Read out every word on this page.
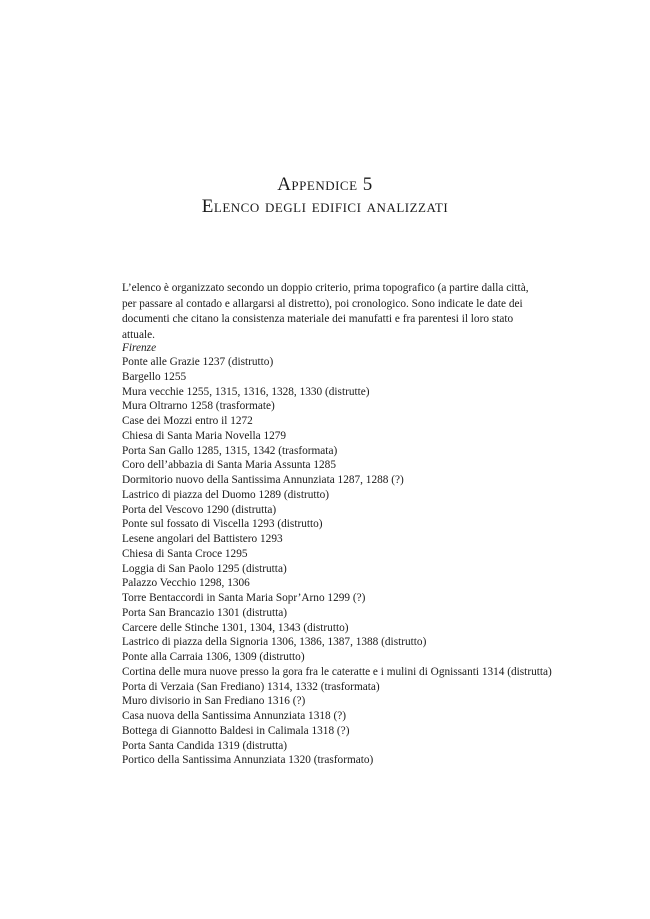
Appendice 5
Elenco degli edifici analizzati

L’elenco è organizzato secondo un doppio criterio, prima topografico (a partire dalla città, per passare al contado e allargarsi al distretto), poi cronologico. Sono indicate le date dei documenti che citano la consistenza materiale dei manufatti e fra parentesi il loro stato attuale.

Firenze
Ponte alle Grazie 1237 (distrutto)
Bargello 1255
Mura vecchie 1255, 1315, 1316, 1328, 1330 (distrutte)
Mura Oltrarno 1258 (trasformate)
Case dei Mozzi entro il 1272
Chiesa di Santa Maria Novella 1279
Porta San Gallo 1285, 1315, 1342 (trasformata)
Coro dell’abbazia di Santa Maria Assunta 1285
Dormitorio nuovo della Santissima Annunziata 1287, 1288 (?)
Lastrico di piazza del Duomo 1289 (distrutto)
Porta del Vescovo 1290 (distrutta)
Ponte sul fossato di Viscella 1293 (distrutto)
Lesene angolari del Battistero 1293
Chiesa di Santa Croce 1295
Loggia di San Paolo 1295 (distrutta)
Palazzo Vecchio 1298, 1306
Torre Bentaccordi in Santa Maria Sopr’Arno 1299 (?)
Porta San Brancazio 1301 (distrutta)
Carcere delle Stinche 1301, 1304, 1343 (distrutto)
Lastrico di piazza della Signoria 1306, 1386, 1387, 1388 (distrutto)
Ponte alla Carraia 1306, 1309 (distrutto)
Cortina delle mura nuove presso la gora fra le cateratte e i mulini di Ognissanti 1314 (distrutta)
Porta di Verzaia (San Frediano) 1314, 1332 (trasformata)
Muro divisorio in San Frediano 1316 (?)
Casa nuova della Santissima Annunziata 1318 (?)
Bottega di Giannotto Baldesi in Calimala 1318 (?)
Porta Santa Candida 1319 (distrutta)
Portico della Santissima Annunziata 1320 (trasformato)
